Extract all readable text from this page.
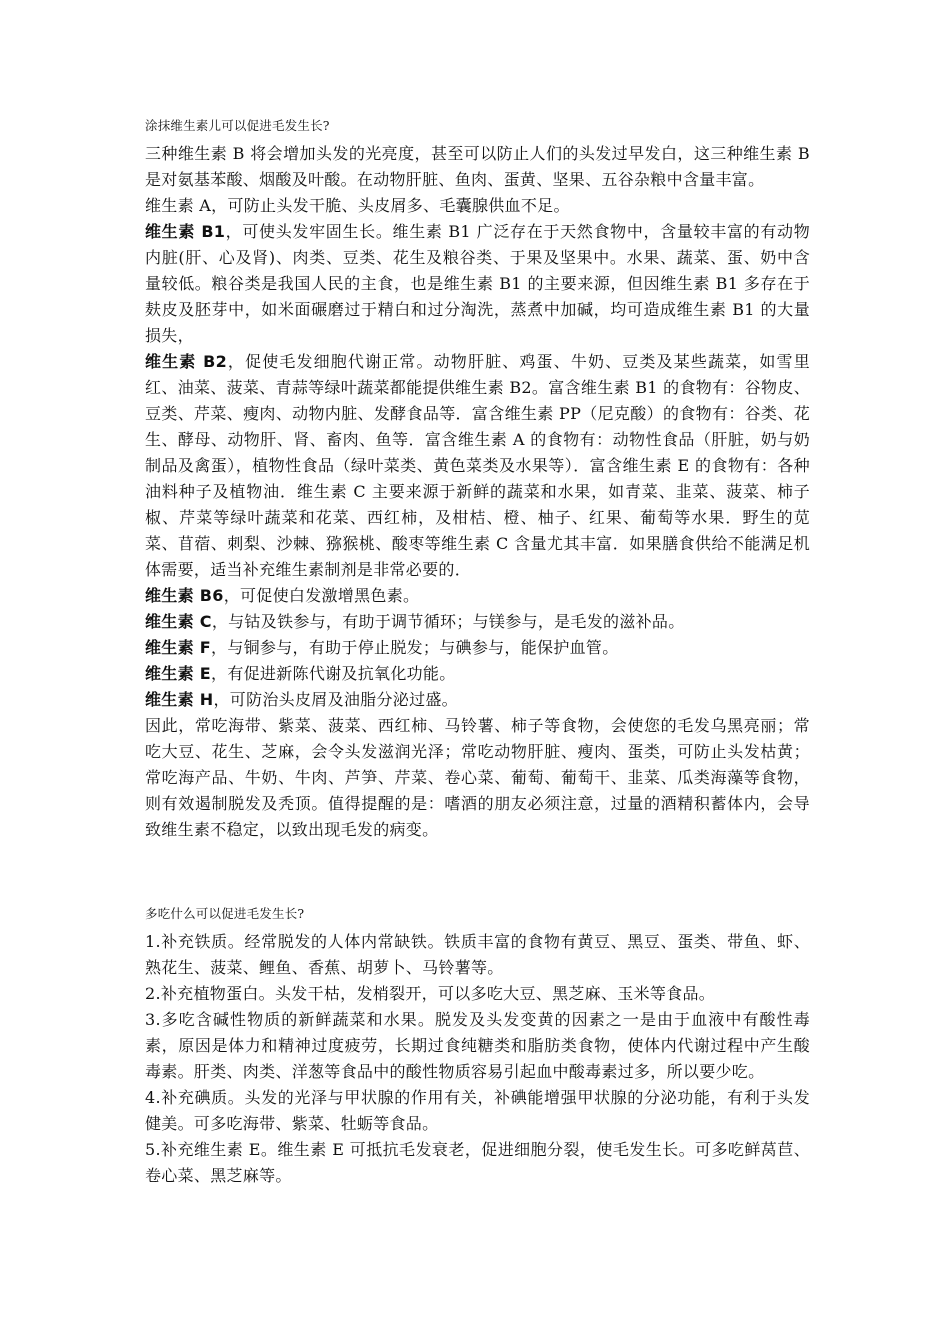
涂抹维生素儿可以促进毛发生长?

三种维生素 B 将会增加头发的光亮度，甚至可以防止人们的头发过早发白，这三种维生素 B 是对氨基苯酸、烟酸及叶酸。在动物肝脏、鱼肉、蛋黄、坚果、五谷杂粮中含量丰富。

维生素 A，可防止头发干脆、头皮屑多、毛囊腺供血不足。

维生素 B1，可使头发牢固生长。维生素 B1 广泛存在于天然食物中，含量较丰富的有动物内脏(肝、心及肾)、肉类、豆类、花生及粮谷类、于果及坚果中。水果、蔬菜、蛋、奶中含量较低。粮谷类是我国人民的主食，也是维生素 B1 的主要来源，但因维生素 B1 多存在于麸皮及胚芽中，如米面碾磨过于精白和过分淘洗，蒸煮中加碱，均可造成维生素 B1 的大量损失，

维生素 B2，促使毛发细胞代谢正常。动物肝脏、鸡蛋、牛奶、豆类及某些蔬菜，如雪里红、油菜、菠菜、青蒜等绿叶蔬菜都能提供维生素 B2。富含维生素 B1 的食物有：谷物皮、豆类、芹菜、瘦肉、动物内脏、发酵食品等．富含维生素 PP（尼克酸）的食物有：谷类、花生、酵母、动物肝、肾、畜肉、鱼等．富含维生素 A 的食物有：动物性食品（肝脏，奶与奶制品及禽蛋），植物性食品（绿叶菜类、黄色菜类及水果等）．富含维生素 E 的食物有：各种油料种子及植物油．维生素 C 主要来源于新鲜的蔬菜和水果，如青菜、韭菜、菠菜、柿子椒、芹菜等绿叶蔬菜和花菜、西红柿，及柑桔、橙、柚子、红果、葡萄等水果．野生的苋菜、苜蓿、刺梨、沙棘、猕猴桃、酸枣等维生素 C 含量尤其丰富．如果膳食供给不能满足机体需要，适当补充维生素制剂是非常必要的．

维生素 B6，可促使白发激增黑色素。

维生素 C，与钴及铁参与，有助于调节循环；与镁参与，是毛发的滋补品。

维生素 F，与铜参与，有助于停止脱发；与碘参与，能保护血管。

维生素 E，有促进新陈代谢及抗氧化功能。

维生素 H，可防治头皮屑及油脂分泌过盛。

因此，常吃海带、紫菜、菠菜、西红柿、马铃薯、柿子等食物，会使您的毛发乌黑亮丽；常吃大豆、花生、芝麻，会令头发滋润光泽；常吃动物肝脏、瘦肉、蛋类，可防止头发枯黄；常吃海产品、牛奶、牛肉、芦笋、芹菜、卷心菜、葡萄、葡萄干、韭菜、瓜类海藻等食物，则有效遏制脱发及秃顶。值得提醒的是：嗜酒的朋友必须注意，过量的酒精积蓄体内，会导致维生素不稳定，以致出现毛发的病变。

多吃什么可以促进毛发生长?

1.补充铁质。经常脱发的人体内常缺铁。铁质丰富的食物有黄豆、黑豆、蛋类、带鱼、虾、熟花生、菠菜、鲤鱼、香蕉、胡萝卜、马铃薯等。

2.补充植物蛋白。头发干枯，发梢裂开，可以多吃大豆、黑芝麻、玉米等食品。

3.多吃含碱性物质的新鲜蔬菜和水果。脱发及头发变黄的因素之一是由于血液中有酸性毒素，原因是体力和精神过度疲劳，长期过食纯糖类和脂肪类食物，使体内代谢过程中产生酸毒素。肝类、肉类、洋葱等食品中的酸性物质容易引起血中酸毒素过多，所以要少吃。

4.补充碘质。头发的光泽与甲状腺的作用有关，补碘能增强甲状腺的分泌功能，有利于头发健美。可多吃海带、紫菜、牡蛎等食品。

5.补充维生素 E。维生素 E 可抵抗毛发衰老，促进细胞分裂，使毛发生长。可多吃鲜莴苣、卷心菜、黑芝麻等。
